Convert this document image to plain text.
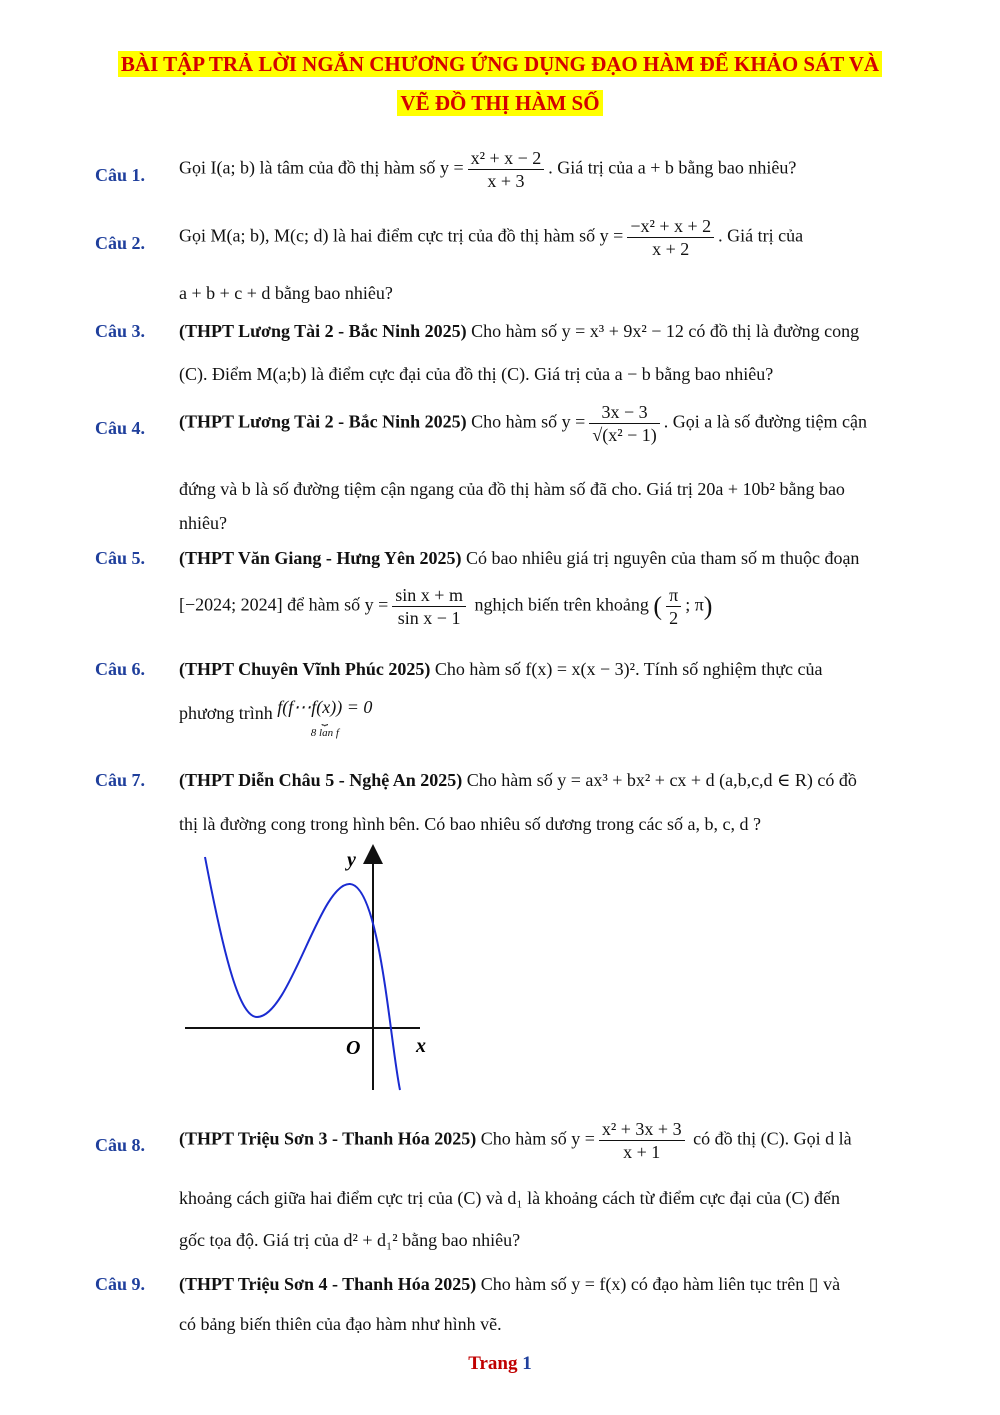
BÀI TẬP TRẢ LỜI NGẮN CHƯƠNG ỨNG DỤNG ĐẠO HÀM ĐỂ KHẢO SÁT VÀ
VẼ ĐỒ THỊ HÀM SỐ
Câu 1. Gọi I(a; b) là tâm của đồ thị hàm số $y = \frac{\text{x² + x − 2}}{x + 3}$ . Giá trị của a + b bằng bao nhiêu?
Câu 2. Gọi M(a; b), M(c; d) là hai điểm cực trị của đồ thị hàm số $y = \frac{\text{−x² + x + 2}}{x + 2}$ . Giá trị của
a + b + c + d bằng bao nhiêu?
Câu 3. (THPT Lương Tài 2 - Bắc Ninh 2025) Cho hàm số y = x³ + 9x² − 12 có đồ thị là đường cong
(C). Điểm M(a;b) là điểm cực đại của đồ thị (C). Giá trị của a − b bằng bao nhiêu?
Câu 4. (THPT Lương Tài 2 - Bắc Ninh 2025) Cho hàm số $y = \frac{3x - 3}{\text{√(x² − 1)}}$ . Gọi a là số đường tiệm cận
đứng và b là số đường tiệm cận ngang của đồ thị hàm số đã cho. Giá trị 20a + 10b² bằng bao
nhiêu?
Câu 5. (THPT Văn Giang - Hưng Yên 2025) Có bao nhiêu giá trị nguyên của tham số m thuộc đoạn
[−2024; 2024] để hàm số $y = \frac{\text{sin x + m}}{\text{sin x − 1}}$ nghịch biến trên khoảng ( $\frac{\pi}{2}$ ; π)
Câu 6. (THPT Chuyên Vĩnh Phúc 2025) Cho hàm số f(x) = x(x − 3)². Tính số nghiệm thực của
phương trình f(f⋯f(x)) = 0
⏟
8 lan f
Câu 7. (THPT Diễn Châu 5 - Nghệ An 2025) Cho hàm số y = ax³ + bx² + cx + d (a,b,c,d ∈ R) có đồ
thị là đường cong trong hình bên. Có bao nhiêu số dương trong các số a, b, c, d ?
y
x
O
Câu 8. (THPT Triệu Sơn 3 - Thanh Hóa 2025) Cho hàm số $y = \frac{\text{x² + 3x + 3}}{x + 1}$ có đồ thị (C). Gọi d là
khoảng cách giữa hai điểm cực trị của (C) và d₁ là khoảng cách từ điểm cực đại của (C) đến
gốc tọa độ. Giá trị của d² + d₁² bằng bao nhiêu?
Câu 9. (THPT Triệu Sơn 4 - Thanh Hóa 2025) Cho hàm số y = f(x) có đạo hàm liên tục trên ▯ và
có bảng biến thiên của đạo hàm như hình vẽ.
Trang 1
